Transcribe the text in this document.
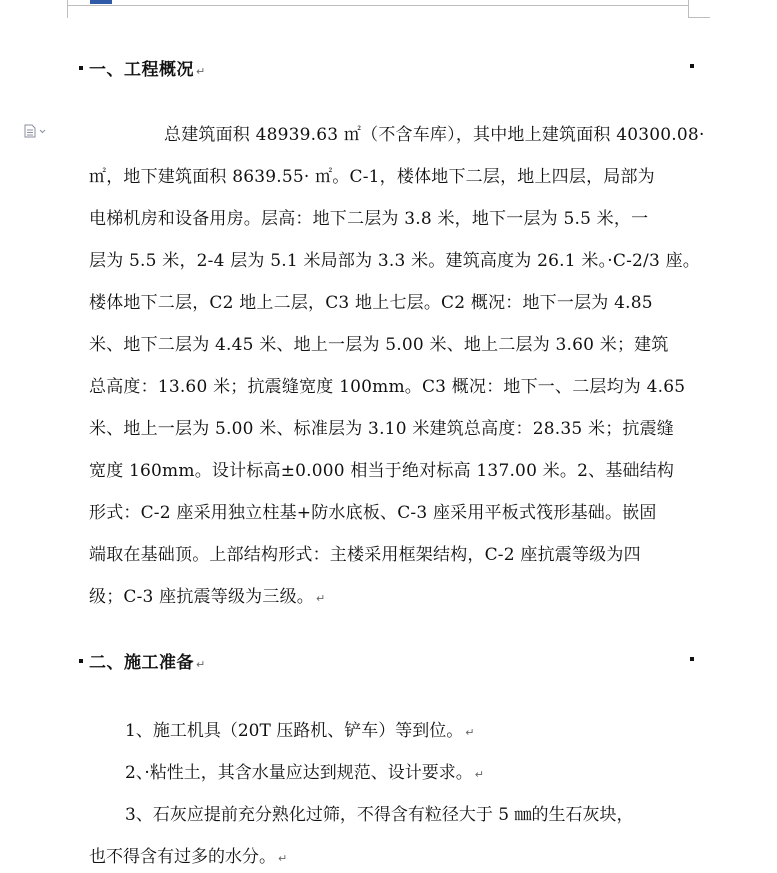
一、工程概况 ↵
总建筑面积 48939.63 ㎡（不含车库），其中地上建筑面积 40300.08·
㎡，地下建筑面积 8639.55· ㎡。C-1，楼体地下二层，地上四层，局部为
电梯机房和设备用房。层高：地下二层为 3.8 米，地下一层为 5.5 米，一
层为 5.5 米，2-4 层为 5.1 米局部为 3.3 米。建筑高度为 26.1 米。·C-2/3 座。
楼体地下二层，C2 地上二层，C3 地上七层。C2 概况：地下一层为 4.85
米、地下二层为 4.45 米、地上一层为 5.00 米、地上二层为 3.60 米；建筑
总高度：13.60 米；抗震缝宽度 100mm。C3 概况：地下一、二层均为 4.65
米、地上一层为 5.00 米、标准层为 3.10 米建筑总高度：28.35 米；抗震缝
宽度 160mm。设计标高±0.000 相当于绝对标高 137.00 米。2、基础结构
形式：C-2 座采用独立柱基+防水底板、C-3 座采用平板式筏形基础。嵌固
端取在基础顶。上部结构形式：主楼采用框架结构，C-2 座抗震等级为四
级；C-3 座抗震等级为三级。 ↵
二、施工准备 ↵
1、施工机具（20T 压路机、铲车）等到位。 ↵
2、·粘性土，其含水量应达到规范、设计要求。 ↵
3、石灰应提前充分熟化过筛，不得含有粒径大于 5 ㎜的生石灰块，
也不得含有过多的水分。 ↵
